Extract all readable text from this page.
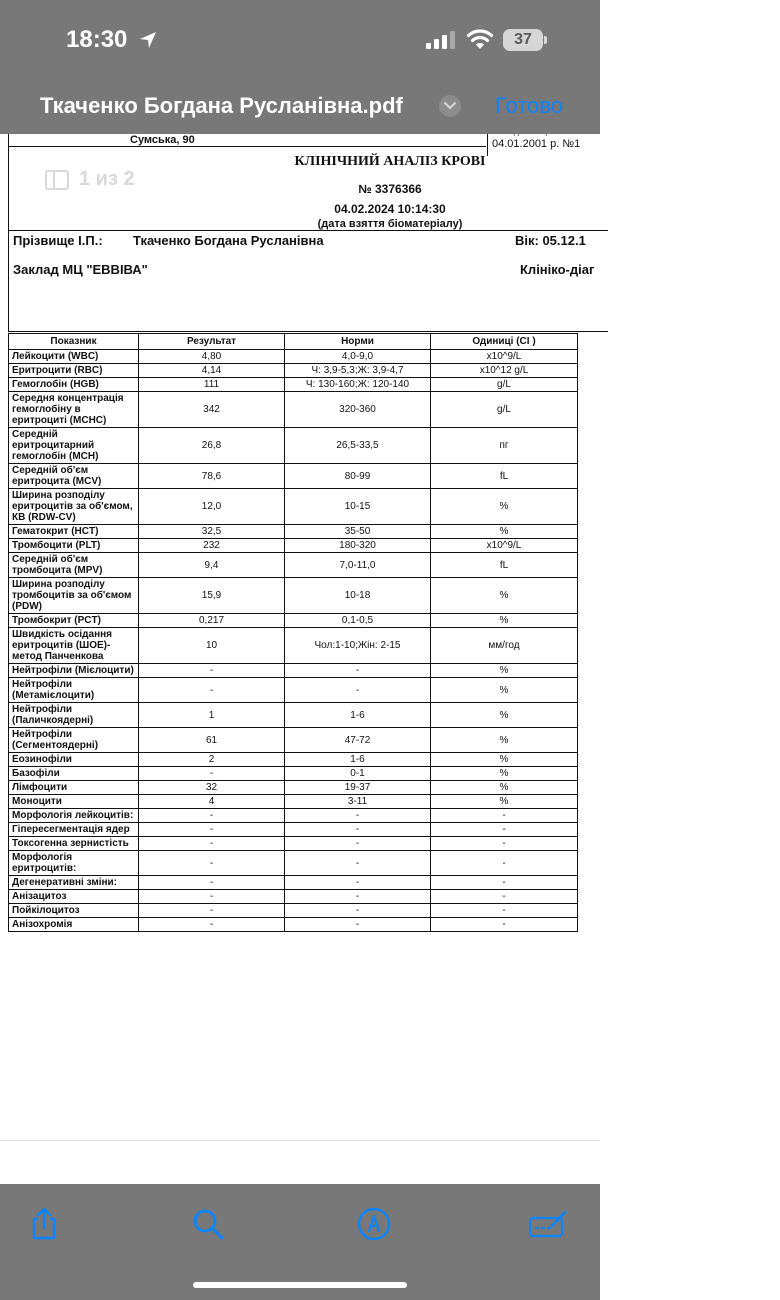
18:30	37
Ткаченко Богдана Русланівна.pdf	Готово
1 из 2
Сумська, 90	04.01.2001 р. №1
КЛІНІЧНИЙ АНАЛІЗ КРОВІ
№ 3376366
04.02.2024 10:14:30
(дата взяття біоматеріалу)
Прізвище І.П.: Ткаченко Богдана Русланівна	Вік: 05.12.1
Заклад МЦ "ЕВВІВА"	Клініко-діаг
Показник	Результат	Норми	Одиниці (СІ )
Лейкоцити (WBC)	4,80	4,0-9,0	x10^9/L
Еритроцити (RBC)	4,14	Ч: 3,9-5,3;Ж: 3,9-4,7	x10^12 g/L
Гемоглобін (HGB)	111	Ч: 130-160;Ж: 120-140	g/L
Середня концентрація гемоглобіну в еритроциті (MCHC)	342	320-360	g/L
Середній еритроцитарний гемоглобін (MCH)	26,8	26,5-33,5	пг
Середній об'єм еритроцита (MCV)	78,6	80-99	fL
Ширина розподілу еритроцитів за об'ємом, КВ (RDW-CV)	12,0	10-15	%
Гематокрит (HCT)	32,5	35-50	%
Тромбоцити (PLT)	232	180-320	x10^9/L
Середній об'єм тромбоцита (MPV)	9,4	7,0-11,0	fL
Ширина розподілу тромбоцитів за об'ємом (PDW)	15,9	10-18	%
Тромбокрит (PCT)	0,217	0,1-0,5	%
Швидкість осідання еритроцитів (ШОЕ)-метод Панченкова	10	Чол:1-10;Жін: 2-15	мм/год
Нейтрофіли (Мієлоцити)	-	-	%
Нейтрофіли (Метамієлоцити)	-	-	%
Нейтрофіли (Паличкоядерні)	1	1-6	%
Нейтрофіли (Сегментоядерні)	61	47-72	%
Еозинофіли	2	1-6	%
Базофіли	-	0-1	%
Лімфоцити	32	19-37	%
Моноцити	4	3-11	%
Морфологія лейкоцитів:	-	-	-
Гіпересегментація ядер	-	-	-
Токсогенна зернистість	-	-	-
Морфологія еритроцитів:	-	-	-
Дегенеративні зміни:	-	-	-
Анізацитоз	-	-	-
Пойкілоцитоз	-	-	-
Анізохромія	-	-	-
